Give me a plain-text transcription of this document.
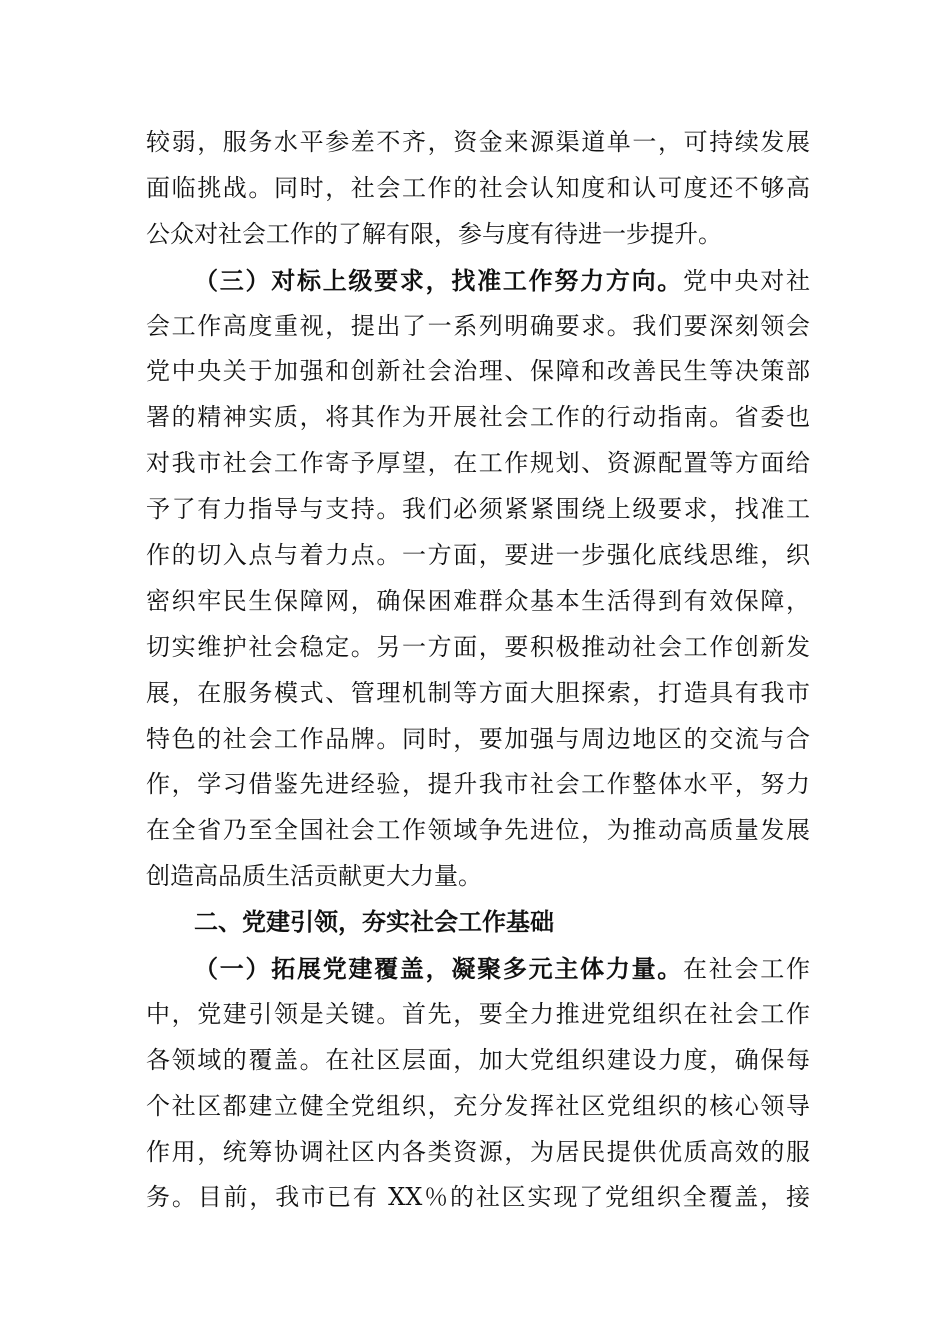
较​弱​，​服​务​水​平​参​差​不​齐​，​资​金​来​源​渠​道​单​一​，​可​持​续​发​展
面​临​挑​战​。​同​时​，​社​会​工​作​的​社​会​认​知​度​和​认​可​度​还​不​够​高
公众对社会工作的了解有限，参与度有待进一步提升。
（​三​）​对​标​上​级​要​求​，​找​准​工​作​努​力​方​向​。党​中​央​对​社
会​工​作​高​度​重​视​，​提​出​了​一​系​列​明​确​要​求​。​我​们​要​深​刻​领​会
党​中​央​关​于​加​强​和​创​新​社​会​治​理​、​保​障​和​改​善​民​生​等​决​策​部
署​的​精​神​实​质​，​将​其​作​为​开​展​社​会​工​作​的​行​动​指​南​。​省​委​也
对​我​市​社​会​工​作​寄​予​厚​望​，​在​工​作​规​划​、​资​源​配​置​等​方​面​给
予​了​有​力​指​导​与​支​持​。​我​们​必​须​紧​紧​围​绕​上​级​要​求​，​找​准​工
作​的​切​入​点​与​着​力​点​。​一​方​面​，​要​进​一​步​强​化​底​线​思​维​，​织
密​织​牢​民​生​保​障​网​，​确​保​困​难​群​众​基​本​生​活​得​到​有​效​保​障​，
切​实​维​护​社​会​稳​定​。​另​一​方​面​，​要​积​极​推​动​社​会​工​作​创​新​发
展​，​在​服​务​模​式​、​管​理​机​制​等​方​面​大​胆​探​索​，​打​造​具​有​我​市
特​色​的​社​会​工​作​品​牌​。​同​时​，​要​加​强​与​周​边​地​区​的​交​流​与​合
作​，​学​习​借​鉴​先​进​经​验​，​提​升​我​市​社​会​工​作​整​体​水​平​，​努​力
在​全​省​乃​至​全​国​社​会​工​作​领​域​争​先​进​位​，​为​推​动​高​质​量​发​展
创造高品质生活贡献更大力量。
二、党建引领，夯实社会工作基础
（​一​）​拓​展​党​建​覆​盖​，​凝​聚​多​元​主​体​力​量​。在​社​会​工​作
中​，​党​建​引​领​是​关​键​。​首​先​，​要​全​力​推​进​党​组​织​在​社​会​工​作
各​领​域​的​覆​盖​。​在​社​区​层​面​，​加​大​党​组​织​建​设​力​度​，​确​保​每
个​社​区​都​建​立​健​全​党​组​织​，​充​分​发​挥​社​区​党​组​织​的​核​心​领​导
作​用​，​统​筹​协​调​社​区​内​各​类​资​源​，​为​居​民​提​供​优​质​高​效​的​服
务​。​目​前​，​我​市​已​有​ ​X​X​％​的​社​区​实​现​了​党​组​织​全​覆​盖​，​接
